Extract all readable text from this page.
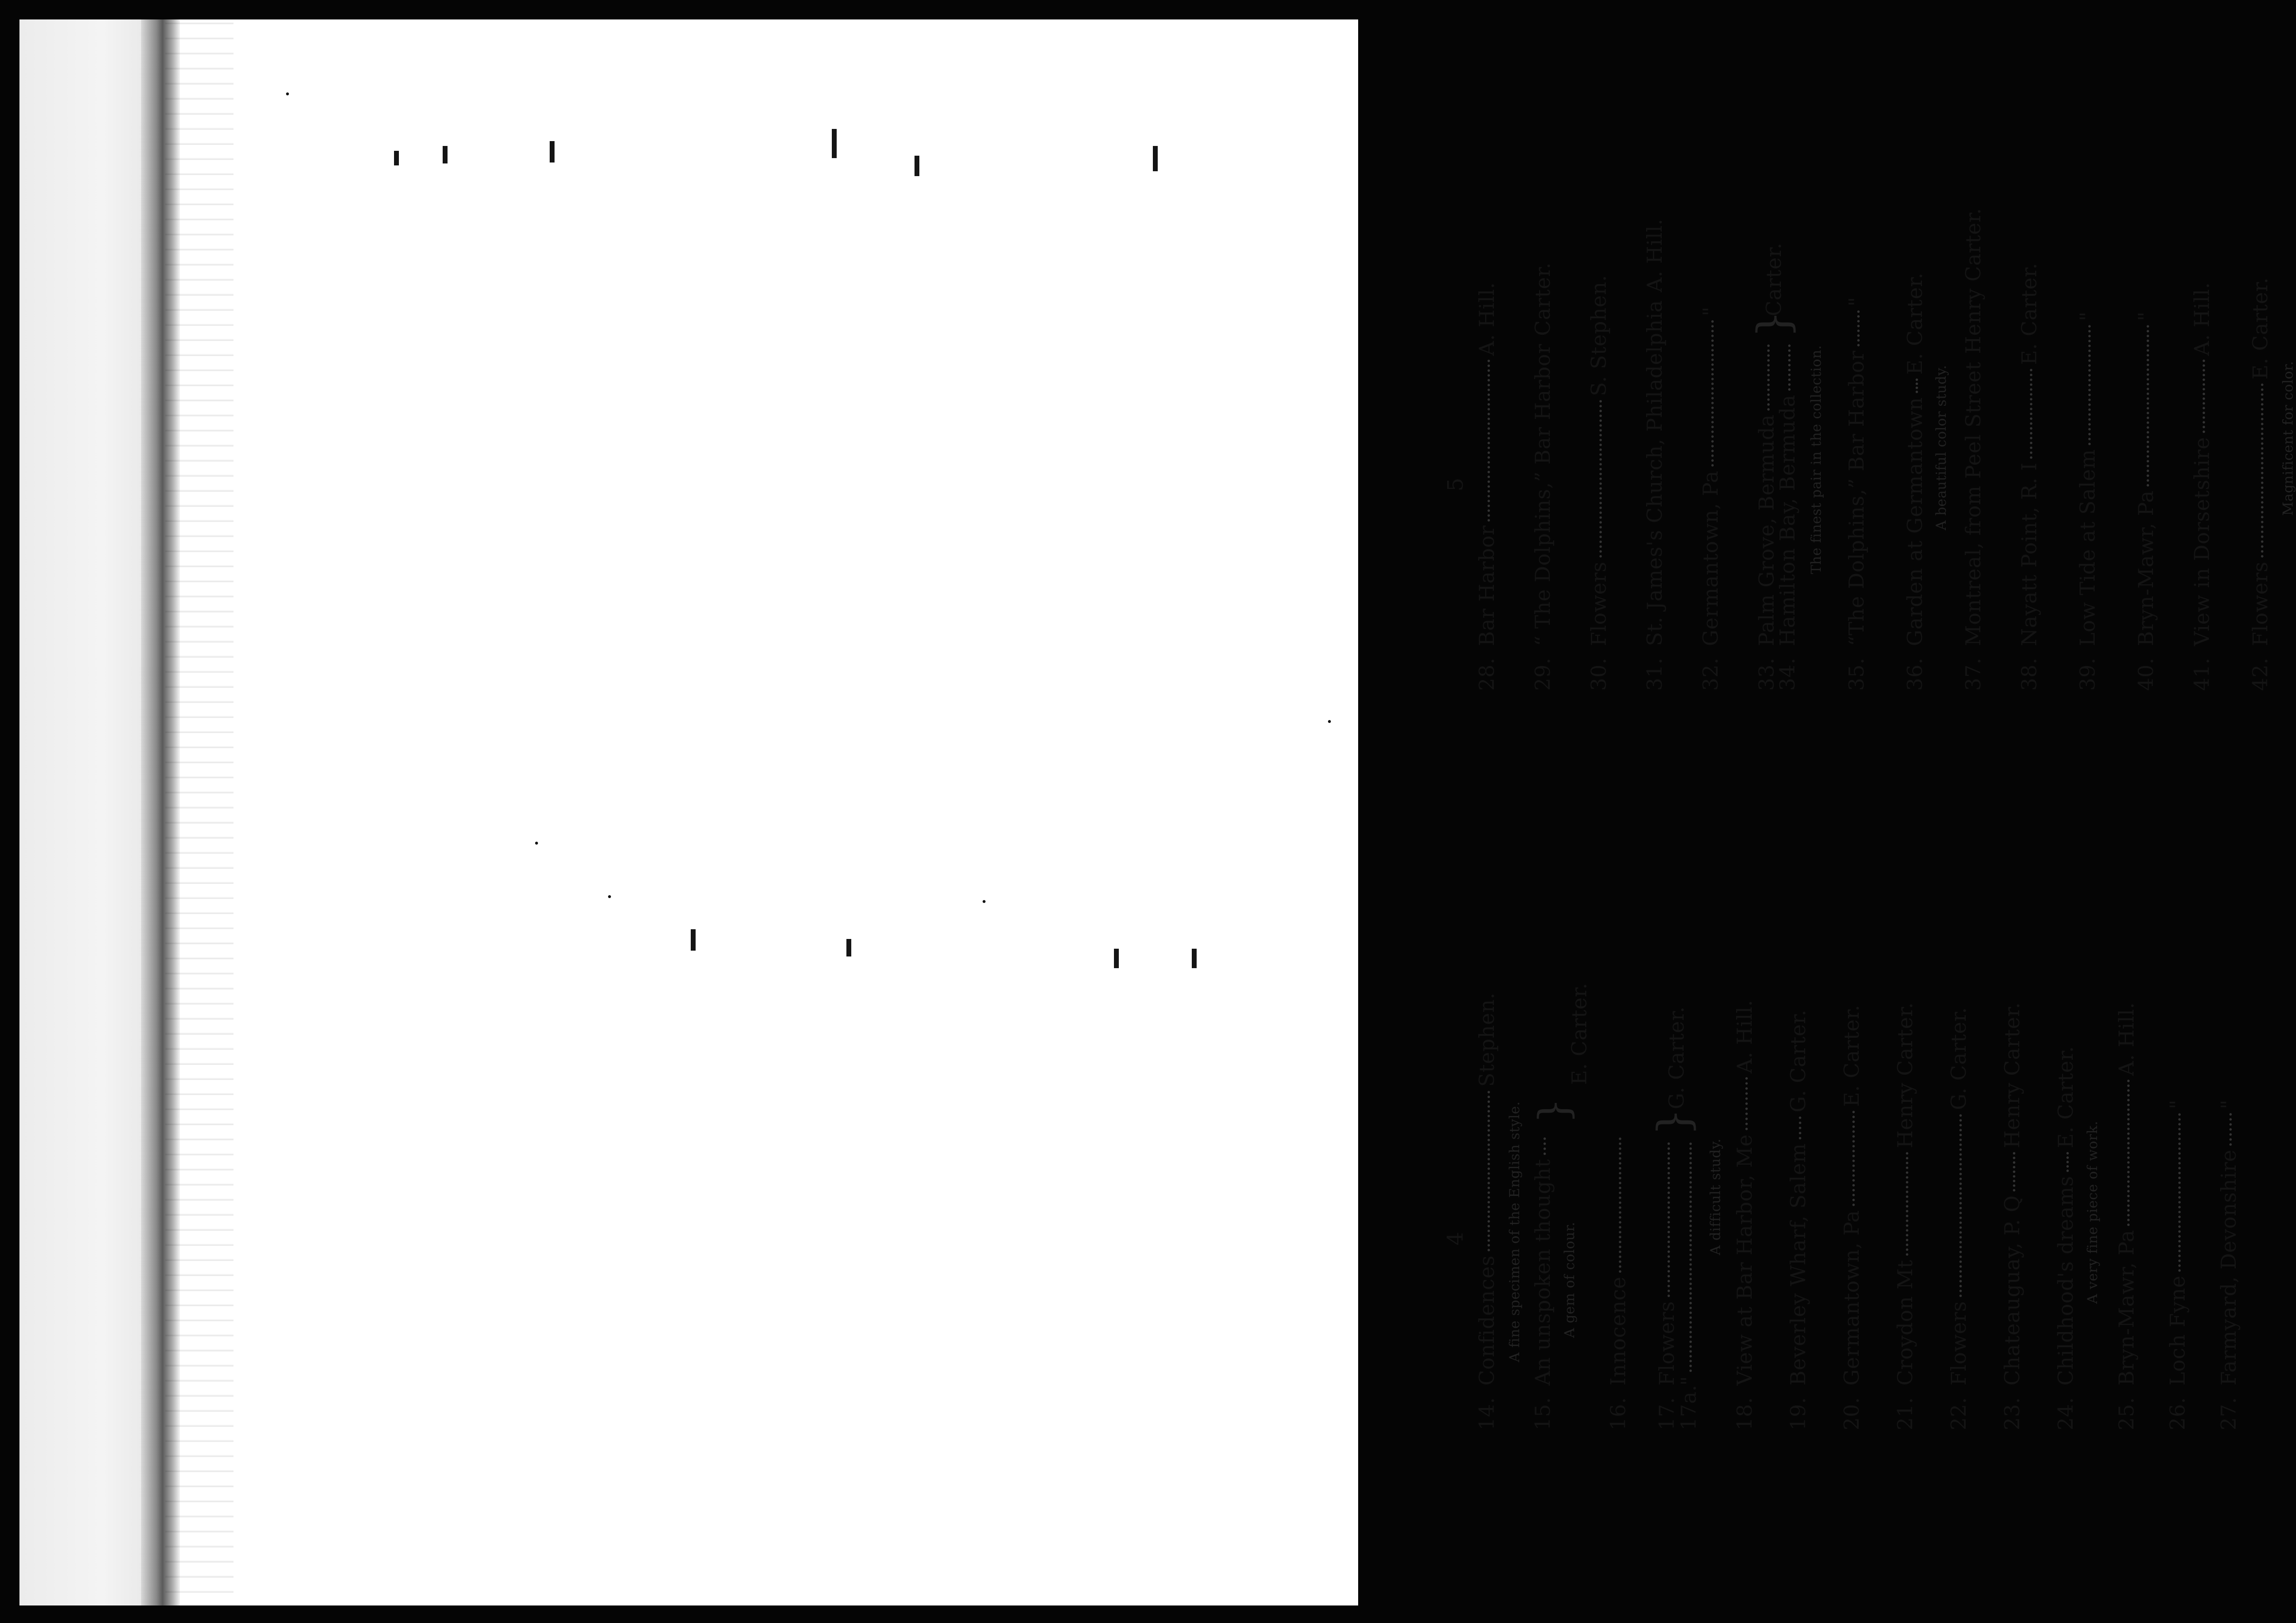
4
5
14.
Confidences
Stephen.
A fine specimen of the English style.
15.
An unspoken thought A gem of colour.
}
E. Carter.
16.
Innocence
17.
Flowers
17a.
"
}
G. Carter.
A difficult study.
18.
View at Bar Harbor, Me
A. Hill.
19.
Beverley Wharf, Salem
G. Carter.
20.
Germantown, Pa
E. Carter.
21.
Croydon Mt
Henry Carter.
22.
Flowers
G. Carter.
23.
Chateauguay, P. Q
Henry Carter.
24.
Childhood's dreams
E. Carter.
A very fine piece of work.
25.
Bryn-Mawr, Pa
A. Hill.
26.
Loch Fyne
"
27.
Farmyard, Devonshire
"
28.
Bar Harbor
A. Hill.
29.
“ The Dolphins,” Bar Harbor
Carter.
30.
Flowers
S. Stephen.
31.
St. James's Church, Philadelphia
A. Hill.
32.
Germantown, Pa
"
33.
Palm Grove, Bermuda
34.
Hamilton Bay, Bermuda
}
Carter.
The finest pair in the collection.
35.
“The Dolphins,” Bar Harbor
"
36.
Garden at Germantown
E. Carter.
A beautiful color study.
37.
Montreal, from Peel Street
Henry Carter.
38.
Nayatt Point, R. I
E. Carter.
39.
Low Tide at Salem
"
40.
Bryn-Mawr, Pa
"
41.
View in Dorsetshire
A. Hill.
42.
Flowers
E. Carter.
Magnificent for color.
